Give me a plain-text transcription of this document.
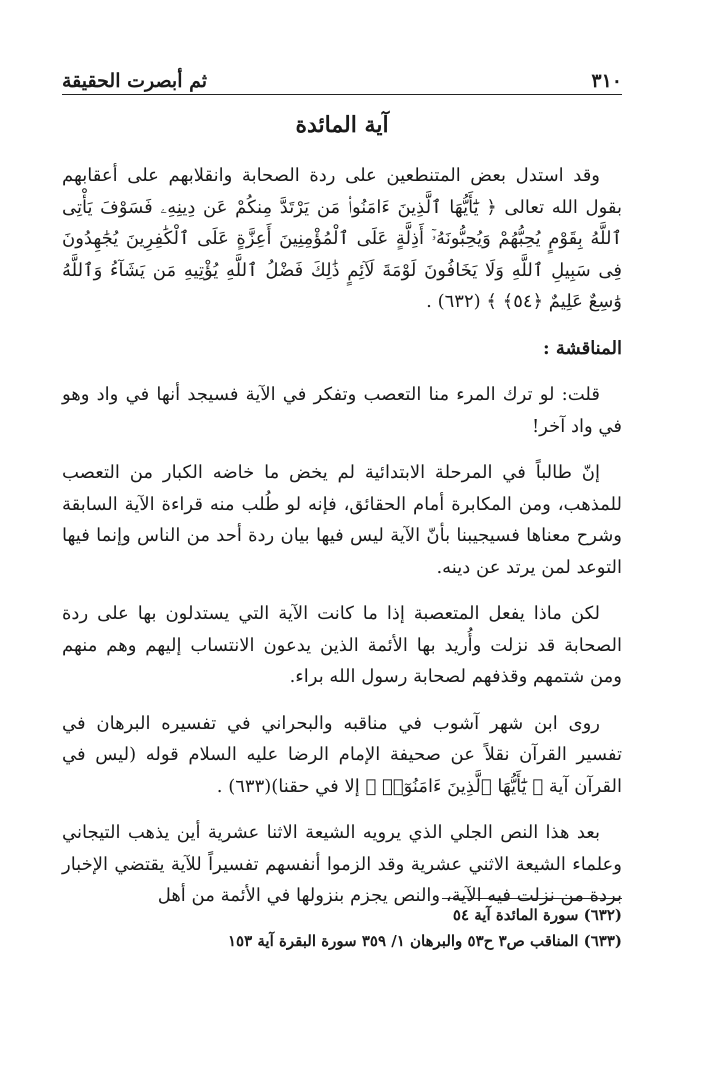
٣١٠
ثم أبصرت الحقيقة
آية المائدة

وقد استدل بعض المتنطعين على ردة الصحابة وانقلابهم على أعقابهم بقول الله تعالى ﴿ يَٰٓأَيُّهَا ٱلَّذِينَ ءَامَنُوا۟ مَن يَرْتَدَّ مِنكُمْ عَن دِينِهِۦ فَسَوْفَ يَأْتِى ٱللَّهُ بِقَوْمٍ يُحِبُّهُمْ وَيُحِبُّونَهُۥٓ أَذِلَّةٍ عَلَى ٱلْمُؤْمِنِينَ أَعِزَّةٍ عَلَى ٱلْكَٰفِرِينَ يُجَٰهِدُونَ فِى سَبِيلِ ٱللَّهِ وَلَا يَخَافُونَ لَوْمَةَ لَآئِمٍ ذَٰلِكَ فَضْلُ ٱللَّهِ يُؤْتِيهِ مَن يَشَآءُ وَٱللَّهُ وَٰسِعٌ عَلِيمٌ ﴿٥٤﴾ ﴾ (٦٣٢) .

المناقشة :

قلت: لو ترك المرء منا التعصب وتفكر في الآية فسيجد أنها في واد وهو في واد آخر!

إنّ طالباً في المرحلة الابتدائية لم يخض ما خاضه الكبار من التعصب للمذهب، ومن المكابرة أمام الحقائق، فإنه لو طُلب منه قراءة الآية السابقة وشرح معناها فسيجيبنا بأنّ الآية ليس فيها بيان ردة أحد من الناس وإنما فيها التوعد لمن يرتد عن دينه.

لكن ماذا يفعل المتعصبة إذا ما كانت الآية التي يستدلون بها على ردة الصحابة قد نزلت وأُريد بها الأئمة الذين يدعون الانتساب إليهم وهم منهم ومن شتمهم وقذفهم لصحابة رسول الله براء.

روى ابن شهر آشوب في مناقبه والبحراني في تفسيره البرهان في تفسير القرآن نقلاً عن صحيفة الإمام الرضا عليه السلام قوله (ليس في القرآن آية ﴿ يَٰٓأَيُّهَا ٱلَّذِينَ ءَامَنُوٓا۟ ﴾ إلا في حقنا)(٦٣٣) .

بعد هذا النص الجلي الذي يرويه الشيعة الاثنا عشرية أين يذهب التيجاني وعلماء الشيعة الاثني عشرية وقد الزموا أنفسهم تفسيراً للآية يقتضي الإخبار بردة من نزلت فيه الآية، والنص يجزم بنزولها في الأئمة من أهل

(٦٣٢) سورة المائدة آية ٥٤
(٦٣٣) المناقب ص٣ ح٥٣ والبرهان ١/ ٣٥٩ سورة البقرة آية ١٥٣
